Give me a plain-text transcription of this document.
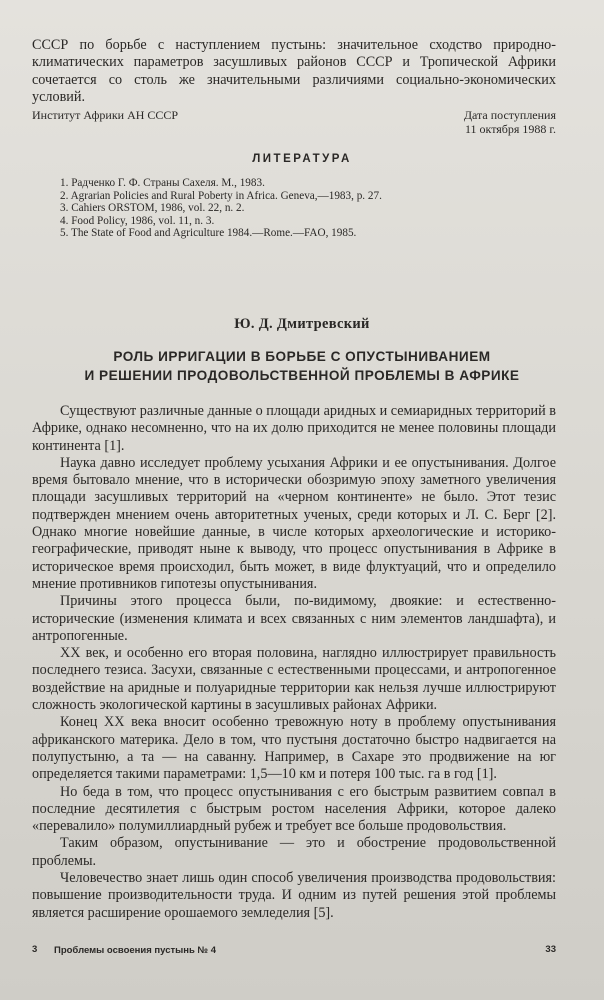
СССР по борьбе с наступлением пустынь: значительное сходство природно-климатических параметров засушливых районов СССР и Тропической Африки сочетается со столь же значительными различиями социально-экономических условий.

Институт Африки АН СССР	Дата поступления
11 октября 1988 г.
ЛИТЕРАТУРА
1. Радченко Г. Ф. Страны Сахеля. М., 1983.
2. Agrarian Policies and Rural Poberty in Africa. Geneva,—1983, p. 27.
3. Cahiers ORSTOM, 1986, vol. 22, n. 2.
4. Food Policy, 1986, vol. 11, n. 3.
5. The State of Food and Agriculture 1984.—Rome.—FAO, 1985.
Ю. Д. Дмитревский
РОЛЬ ИРРИГАЦИИ В БОРЬБЕ С ОПУСТЫНИВАНИЕМ
И РЕШЕНИИ ПРОДОВОЛЬСТВЕННОЙ ПРОБЛЕМЫ В АФРИКЕ

Существуют различные данные о площади аридных и семиаридных территорий в Африке, однако несомненно, что на их долю приходится не менее половины площади континента [1].

Наука давно исследует проблему усыхания Африки и ее опустынивания. Долгое время бытовало мнение, что в исторически обозримую эпоху заметного увеличения площади засушливых территорий на «черном континенте» не было. Этот тезис подтвержден мнением очень авторитетных ученых, среди которых и Л. С. Берг [2]. Однако многие новейшие данные, в числе которых археологические и историко-географические, приводят ныне к выводу, что процесс опустынивания в Африке в историческое время происходил, быть может, в виде флуктуаций, что и определило мнение противников гипотезы опустынивания.

Причины этого процесса были, по-видимому, двоякие: и естественно-исторические (изменения климата и всех связанных с ним элементов ландшафта), и антропогенные.

XX век, и особенно его вторая половина, наглядно иллюстрирует правильность последнего тезиса. Засухи, связанные с естественными процессами, и антропогенное воздействие на аридные и полуаридные территории как нельзя лучше иллюстрируют сложность экологической картины в засушливых районах Африки.

Конец XX века вносит особенно тревожную ноту в проблему опустынивания африканского материка. Дело в том, что пустыня достаточно быстро надвигается на полупустыню, а та — на саванну. Например, в Сахаре это продвижение на юг определяется такими параметрами: 1,5—10 км и потеря 100 тыс. га в год [1].

Но беда в том, что процесс опустынивания с его быстрым развитием совпал в последние десятилетия с быстрым ростом населения Африки, которое далеко «перевалило» полумиллиардный рубеж и требует все больше продовольствия.

Таким образом, опустынивание — это и обострение продовольственной проблемы.

Человечество знает лишь один способ увеличения производства продовольствия: повышение производительности труда. И одним из путей решения этой проблемы является расширение орошаемого земледелия [5].

3 Проблемы освоения пустынь № 4	33
